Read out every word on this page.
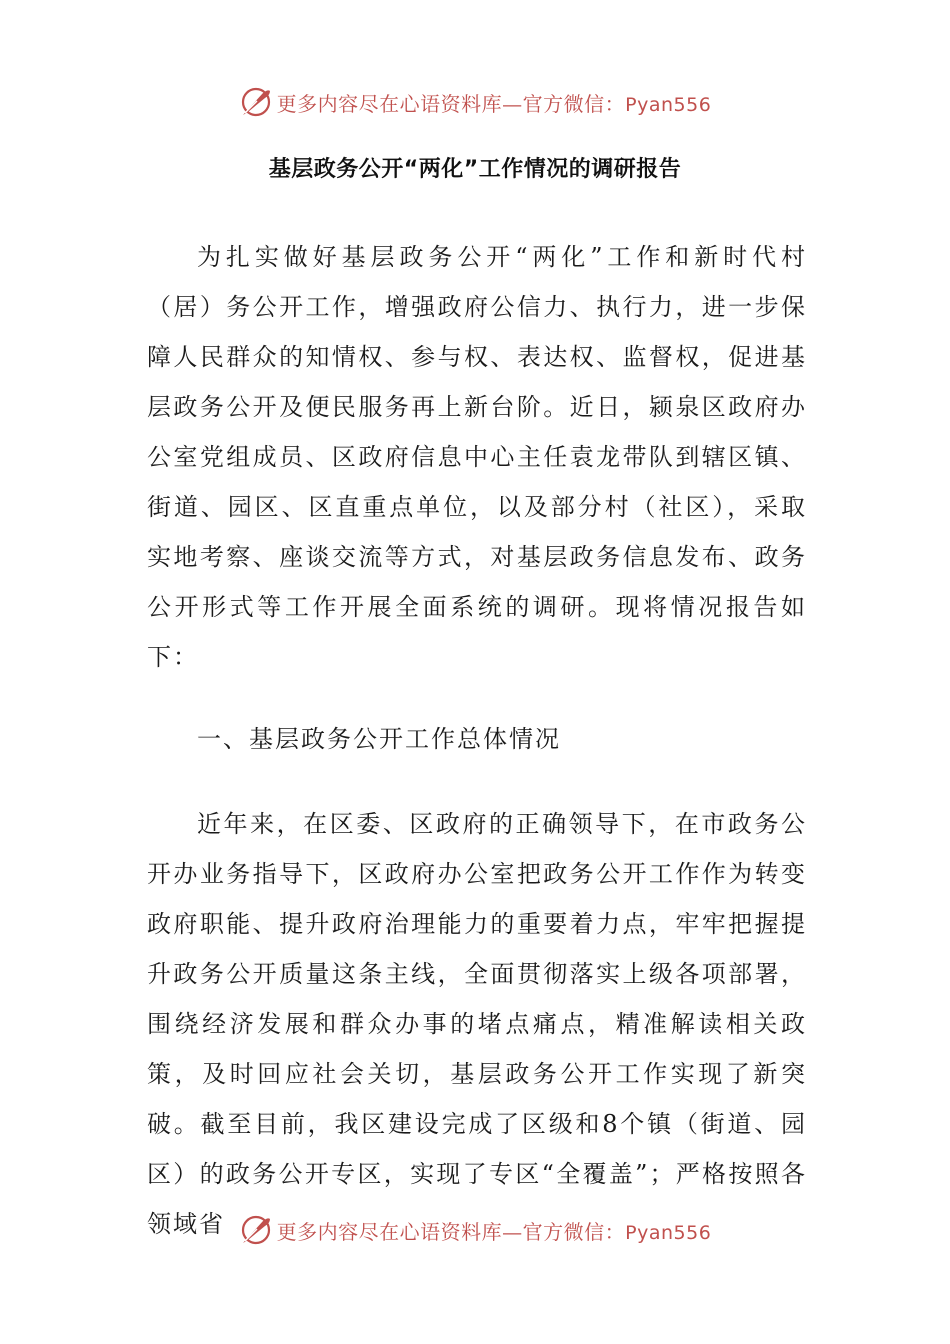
更多内容尽在心语资料库—官方微信：Pyan556
基层政务公开“两化”工作情况的调研报告

为扎实做好基层政务公开“两化”工作和新时代村（居）务公开工作，增强政府公信力、执行力，进一步保障人民群众的知情权、参与权、表达权、监督权，促进基层政务公开及便民服务再上新台阶。近日，颍泉区政府办公室党组成员、区政府信息中心主任袁龙带队到辖区镇、街道、园区、区直重点单位，以及部分村（社区），采取实地考察、座谈交流等方式，对基层政务信息发布、政务公开形式等工作开展全面系统的调研。现将情况报告如下：

一、基层政务公开工作总体情况

近年来，在区委、区政府的正确领导下，在市政务公开办业务指导下，区政府办公室把政务公开工作作为转变政府职能、提升政府治理能力的重要着力点，牢牢把握提升政务公开质量这条主线，全面贯彻落实上级各项部署，围绕经济发展和群众办事的堵点痛点，精准解读相关政策，及时回应社会关切，基层政务公开工作实现了新突破。截至目前，我区建设完成了区级和8个镇（街道、园区）的政务公开专区，实现了专区“全覆盖”；严格按照各领域省	更多内容尽在心语资料库—官方微信：Pyan556
